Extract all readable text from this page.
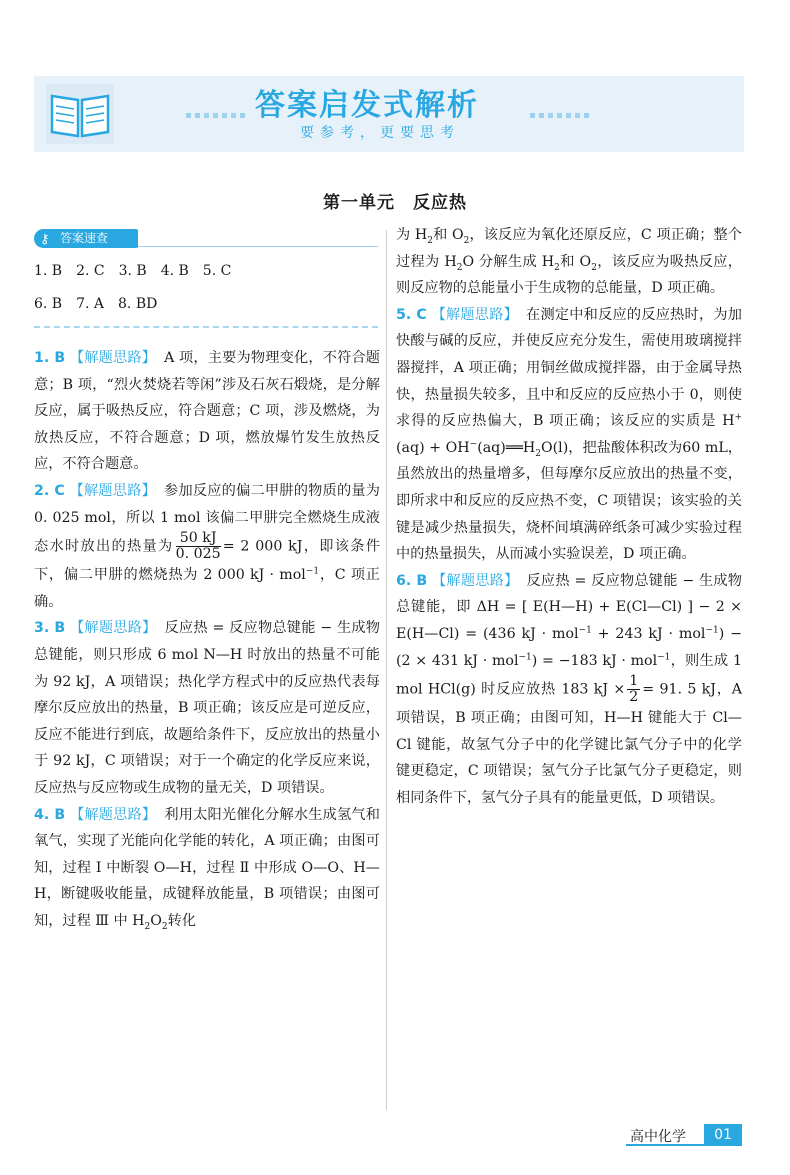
答案启发式解析
要参考，更要思考
第一单元　反应热
⚷ 答案速查
1. B　2. C　3. B　4. B　5. C
6. B　7. A　8. BD

1. B 【解题思路】 A 项，主要为物理变化，不符合题意；B 项，“烈火焚烧若等闲”涉及石灰石煅烧，是分解反应，属于吸热反应，符合题意；C 项，涉及燃烧，为放热反应，不符合题意；D 项，燃放爆竹发生放热反应，不符合题意。

2. C 【解题思路】 参加反应的偏二甲肼的物质的量为 0. 025 mol，所以 1 mol 该偏二甲肼完全燃烧生成液态水时放出的热量为 $\frac{50 kJ}{0. 025} = 2$ 000 kJ，即该条件下，偏二甲肼的燃烧热为 2 000 kJ · mol$^{-1}$，C 项正确。

3. B 【解题思路】 反应热 = 反应物总键能 − 生成物总键能，则只形成 6 mol N—H 时放出的热量不可能为 92 kJ，A 项错误；热化学方程式中的反应热代表每摩尔反应放出的热量，B 项正确；该反应是可逆反应，反应不能进行到底，故题给条件下，反应放出的热量小于 92 kJ，C 项错误；对于一个确定的化学反应来说，反应热与反应物或生成物的量无关，D 项错误。

4. B 【解题思路】 利用太阳光催化分解水生成氢气和氧气，实现了光能向化学能的转化，A 项正确；由图可知，过程 Ⅰ 中断裂 O—H，过程 Ⅱ 中形成 O—O、H—H，断键吸收能量，成键释放能量，B 项错误；由图可知，过程 Ⅲ 中 $H_2O_2$转化

为 $H_2$和 $O_2$，该反应为氧化还原反应，C 项正确；整个过程为 $H_2O$ 分解生成 $H_2$和 $O_2$，该反应为吸热反应，则反应物的总能量小于生成物的总能量，D 项正确。

5. C 【解题思路】 在测定中和反应的反应热时，为加快酸与碱的反应，并使反应充分发生，需使用玻璃搅拌器搅拌，A 项正确；用铜丝做成搅拌器，由于金属导热快，热量损失较多，且中和反应的反应热小于 0，则使求得的反应热偏大，B 项正确；该反应的实质是 $H^+(aq) + OH^-(aq)══H_2O(l)$，把盐酸体积改为60 mL，虽然放出的热量增多，但每摩尔反应放出的热量不变，即所求中和反应的反应热不变，C 项错误；该实验的关键是减少热量损失，烧杯间填满碎纸条可减少实验过程中的热量损失，从而减小实验误差，D 项正确。

6. B 【解题思路】 反应热 = 反应物总键能 − 生成物总键能，即 ΔH = [ E(H—H) + E(Cl—Cl) ] − 2 × E(H—Cl) = (436 kJ · mol$^{-1}$ + 243 kJ · mol$^{-1}$) − (2 × 431 kJ · mol$^{-1}$) = −183 kJ · mol$^{-1}$，则生成 1 mol HCl(g) 时反应放热 183 kJ × $\frac{1}{2} = 91$. 5 kJ，A 项错误，B 项正确；由图可知，H—H 键能大于 Cl—Cl 键能，故氢气分子中的化学键比氯气分子中的化学键更稳定，C 项错误；氢气分子比氯气分子更稳定，则相同条件下，氢气分子具有的能量更低，D 项错误。

高中化学	01
